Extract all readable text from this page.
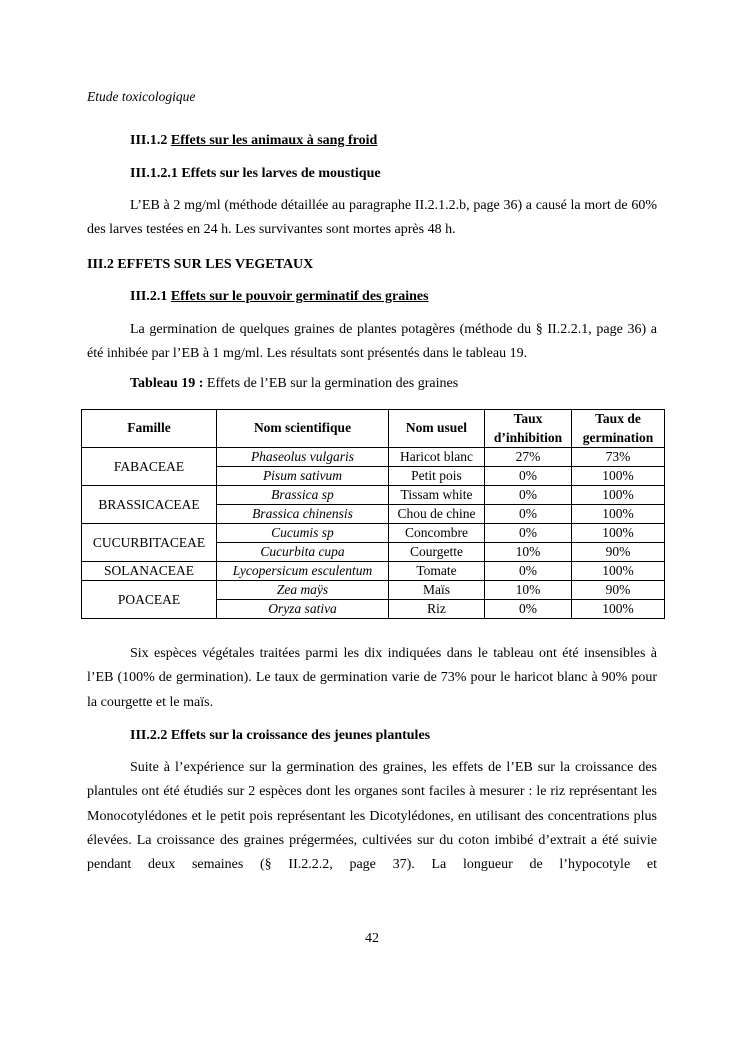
Etude toxicologique
III.1.2 Effets sur les animaux à sang froid
III.1.2.1 Effets sur les larves de moustique

L’EB à 2 mg/ml (méthode détaillée au paragraphe II.2.1.2.b, page 36) a causé la mort de 60% des larves testées en 24 h. Les survivantes sont mortes après 48 h.

III.2 EFFETS SUR LES VEGETAUX
III.2.1 Effets sur le pouvoir germinatif des graines

La germination de quelques graines de plantes potagères (méthode du § II.2.2.1, page 36) a été inhibée par l’EB à 1 mg/ml. Les résultats sont présentés dans le tableau 19.

Tableau 19 : Effets de l’EB sur la germination des graines
Famille	Nom scientifique	Nom usuel	Taux d’inhibition	Taux de germination
FABACEAE	Phaseolus vulgaris	Haricot blanc	27%	73%
	Pisum sativum	Petit pois	0%	100%
BRASSICACEAE	Brassica sp	Tissam white	0%	100%
	Brassica chinensis	Chou de chine	0%	100%
CUCURBITACEAE	Cucumis sp	Concombre	0%	100%
	Cucurbita cupa	Courgette	10%	90%
SOLANACEAE	Lycopersicum esculentum	Tomate	0%	100%
POACEAE	Zea maÿs	Maïs	10%	90%
	Oryza sativa	Riz	0%	100%

Six espèces végétales traitées parmi les dix indiquées dans le tableau ont été insensibles à l’EB (100% de germination). Le taux de germination varie de 73% pour le haricot blanc à 90% pour la courgette et le maïs.

III.2.2 Effets sur la croissance des jeunes plantules

Suite à l’expérience sur la germination des graines, les effets de l’EB sur la croissance des plantules ont été étudiés sur 2 espèces dont les organes sont faciles à mesurer : le riz représentant les Monocotylédones et le petit pois représentant les Dicotylédones, en utilisant des concentrations plus élevées. La croissance des graines prégermées, cultivées sur du coton imbibé d’extrait a été suivie pendant deux semaines (§ II.2.2.2, page 37). La longueur de l’hypocotyle et

42
